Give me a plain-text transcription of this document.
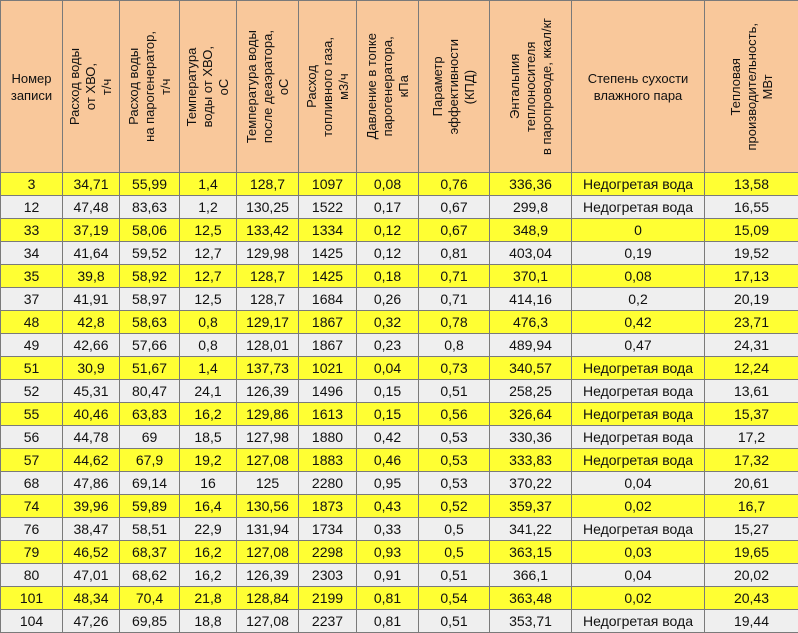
Номер
записи	Расход воды
от ХВО,
т/ч	Расход воды
на парогенератор,
т/ч	Температура
воды от ХВО,
oC	Температура воды
после деаэратора,
oC	Расход
топливного газа,
м3/ч	Давление в топке
парогенератора,
кПа	Параметр
эффективности
(КПД)	Энтальпия
теплоносителя
в паропроводе, ккал/кг	Степень сухости
влажного пара	Тепловая
производительность,
МВт

3	34,71	55,99	1,4	128,7	1097	0,08	0,76	336,36	Недогретая вода	13,58
12	47,48	83,63	1,2	130,25	1522	0,17	0,67	299,8	Недогретая вода	16,55
33	37,19	58,06	12,5	133,42	1334	0,12	0,67	348,9	0	15,09
34	41,64	59,52	12,7	129,98	1425	0,12	0,81	403,04	0,19	19,52
35	39,8	58,92	12,7	128,7	1425	0,18	0,71	370,1	0,08	17,13
37	41,91	58,97	12,5	128,7	1684	0,26	0,71	414,16	0,2	20,19
48	42,8	58,63	0,8	129,17	1867	0,32	0,78	476,3	0,42	23,71
49	42,66	57,66	0,8	128,01	1867	0,23	0,8	489,94	0,47	24,31
51	30,9	51,67	1,4	137,73	1021	0,04	0,73	340,57	Недогретая вода	12,24
52	45,31	80,47	24,1	126,39	1496	0,15	0,51	258,25	Недогретая вода	13,61
55	40,46	63,83	16,2	129,86	1613	0,15	0,56	326,64	Недогретая вода	15,37
56	44,78	69	18,5	127,98	1880	0,42	0,53	330,36	Недогретая вода	17,2
57	44,62	67,9	19,2	127,08	1883	0,46	0,53	333,83	Недогретая вода	17,32
68	47,86	69,14	16	125	2280	0,95	0,53	370,22	0,04	20,61
74	39,96	59,89	16,4	130,56	1873	0,43	0,52	359,37	0,02	16,7
76	38,47	58,51	22,9	131,94	1734	0,33	0,5	341,22	Недогретая вода	15,27
79	46,52	68,37	16,2	127,08	2298	0,93	0,5	363,15	0,03	19,65
80	47,01	68,62	16,2	126,39	2303	0,91	0,51	366,1	0,04	20,02
101	48,34	70,4	21,8	128,84	2199	0,81	0,54	363,48	0,02	20,43
104	47,26	69,85	18,8	127,08	2237	0,81	0,51	353,71	Недогретая вода	19,44
